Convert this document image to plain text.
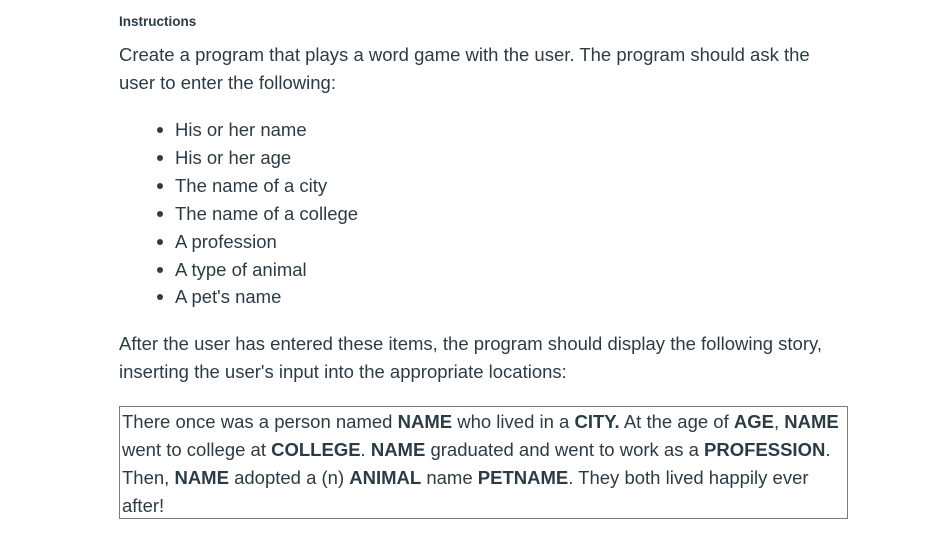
Instructions

Create a program that plays a word game with the user. The program should ask the user to enter the following:

His or her name
His or her age
The name of a city
The name of a college
A profession
A type of animal
A pet's name

After the user has entered these items, the program should display the following story, inserting the user's input into the appropriate locations:

There once was a person named NAME who lived in a CITY. At the age of AGE, NAME went to college at COLLEGE. NAME graduated and went to work as a PROFESSION. Then, NAME adopted a (n) ANIMAL name PETNAME. They both lived happily ever after!
